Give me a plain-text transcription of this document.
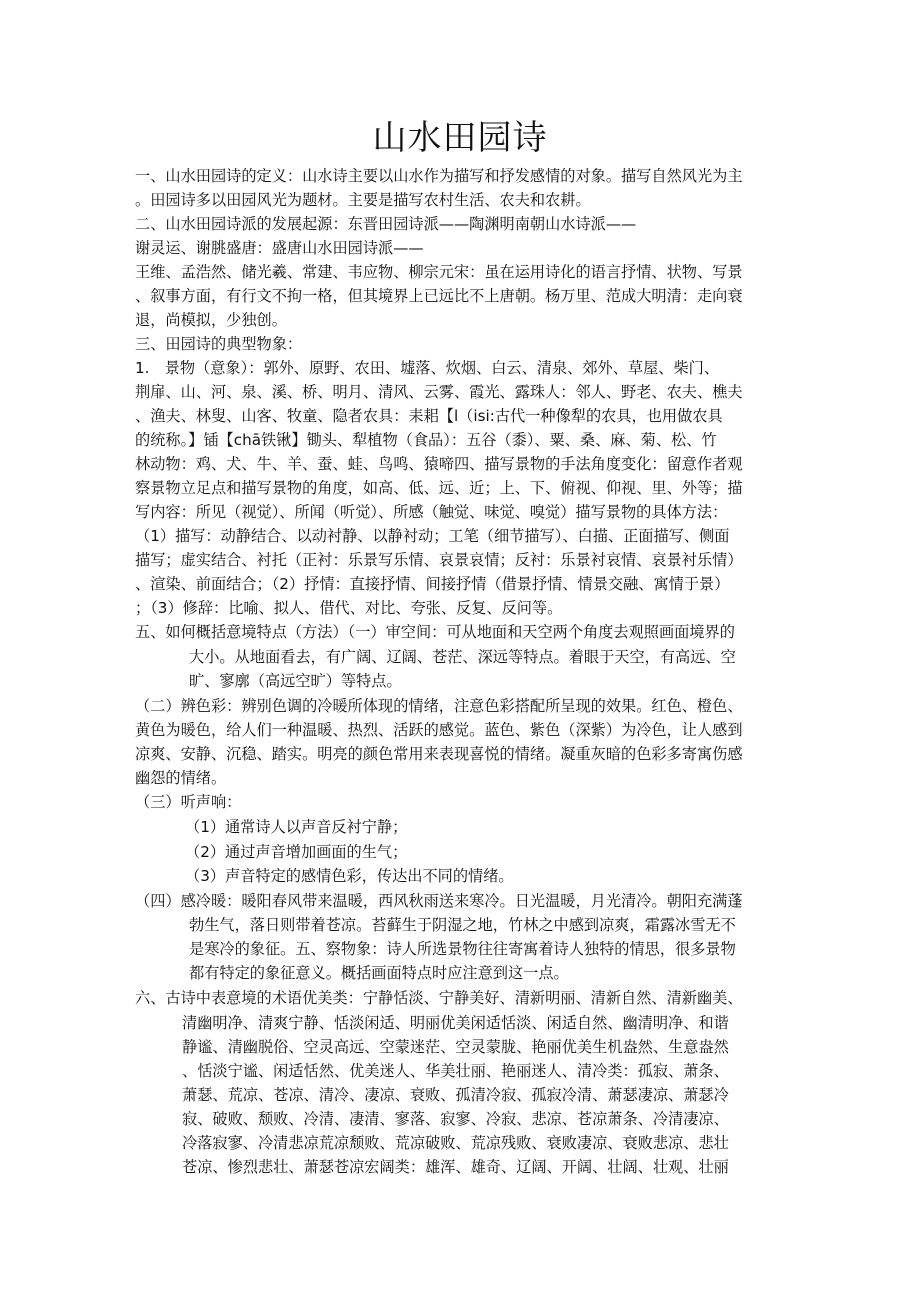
山水田园诗

一、山水田园诗的定义：山水诗主要以山水作为描写和抒发感情的对象。描写自然风光为主

。田园诗多以田园风光为题材。主要是描写农村生活、农夫和农耕。

二、山水田园诗派的发展起源：东晋田园诗派——陶渊明南朝山水诗派——

谢灵运、谢朓盛唐：盛唐山水田园诗派——

王维、孟浩然、储光羲、常建、韦应物、柳宗元宋：虽在运用诗化的语言抒情、状物、写景

、叙事方面，有行文不拘一格，但其境界上已远比不上唐朝。杨万里、范成大明清：走向衰

退，尚模拟，少独创。

三、田园诗的典型物象：

1.　景物（意象）：郭外、原野、农田、墟落、炊烟、白云、清泉、郊外、草屋、柴门、

荆扉、山、河、泉、溪、桥、明月、清风、云雾、霞光、露珠人：邻人、野老、农夫、樵夫

、渔夫、林叟、山客、牧童、隐者农具：耒耜【l（isi:古代一种像犁的农具，也用做农具

的统称。】锸【chā铁锹】锄头、犁植物（食品）：五谷（黍）、粟、桑、麻、菊、松、竹

林动物：鸡、犬、牛、羊、蚕、蛙、鸟鸣、猿啼四、描写景物的手法角度变化：留意作者观

察景物立足点和描写景物的角度，如高、低、远、近；上、下、俯视、仰视、里、外等；描

写内容：所见（视觉）、所闻（听觉）、所感（触觉、味觉、嗅觉）描写景物的具体方法：

（1）描写：动静结合、以动衬静、以静衬动；工笔（细节描写）、白描、正面描写、侧面

描写；虚实结合、衬托（正衬：乐景写乐情、哀景哀情；反衬：乐景衬哀情、哀景衬乐情）

、渲染、前面结合；（2）抒情：直接抒情、间接抒情（借景抒情、情景交融、寓情于景）

；（3）修辞：比喻、拟人、借代、对比、夸张、反复、反问等。

五、如何概括意境特点（方法）（一）审空间：可从地面和天空两个角度去观照画面境界的

大小。从地面看去，有广阔、辽阔、苍茫、深远等特点。着眼于天空，有高远、空

旷、寥廓（高远空旷）等特点。

（二）辨色彩：辨别色调的冷暖所体现的情绪，注意色彩搭配所呈现的效果。红色、橙色、

黄色为暖色，给人们一种温暖、热烈、活跃的感觉。蓝色、紫色（深紫）为冷色，让人感到

凉爽、安静、沉稳、踏实。明亮的颜色常用来表现喜悦的情绪。凝重灰暗的色彩多寄寓伤感

幽怨的情绪。

（三）听声响：

（1）通常诗人以声音反衬宁静；

（2）通过声音增加画面的生气；

（3）声音特定的感情色彩，传达出不同的情绪。

（四）感冷暖：暖阳春风带来温暖，西风秋雨送来寒冷。日光温暖，月光清冷。朝阳充满蓬

勃生气，落日则带着苍凉。苔藓生于阴湿之地，竹林之中感到凉爽，霜露冰雪无不

是寒冷的象征。五、察物象：诗人所选景物往往寄寓着诗人独特的情思，很多景物

都有特定的象征意义。概括画面特点时应注意到这一点。

六、古诗中表意境的术语优美类：宁静恬淡、宁静美好、清新明丽、清新自然、清新幽美、

清幽明净、清爽宁静、恬淡闲适、明丽优美闲适恬淡、闲适自然、幽清明净、和谐

静谧、清幽脱俗、空灵高远、空蒙迷茫、空灵蒙胧、艳丽优美生机盎然、生意盎然

、恬淡宁谧、闲适恬然、优美迷人、华美壮丽、艳丽迷人、清冷类：孤寂、萧条、

萧瑟、荒凉、苍凉、清冷、凄凉、衰败、孤清冷寂、孤寂冷清、萧瑟凄凉、萧瑟冷

寂、破败、颓败、冷清、凄清、寥落、寂寥、冷寂、悲凉、苍凉萧条、冷清凄凉、

冷落寂寥、冷清悲凉荒凉颓败、荒凉破败、荒凉残败、衰败凄凉、衰败悲凉、悲壮

苍凉、惨烈悲壮、萧瑟苍凉宏阔类：雄浑、雄奇、辽阔、开阔、壮阔、壮观、壮丽
